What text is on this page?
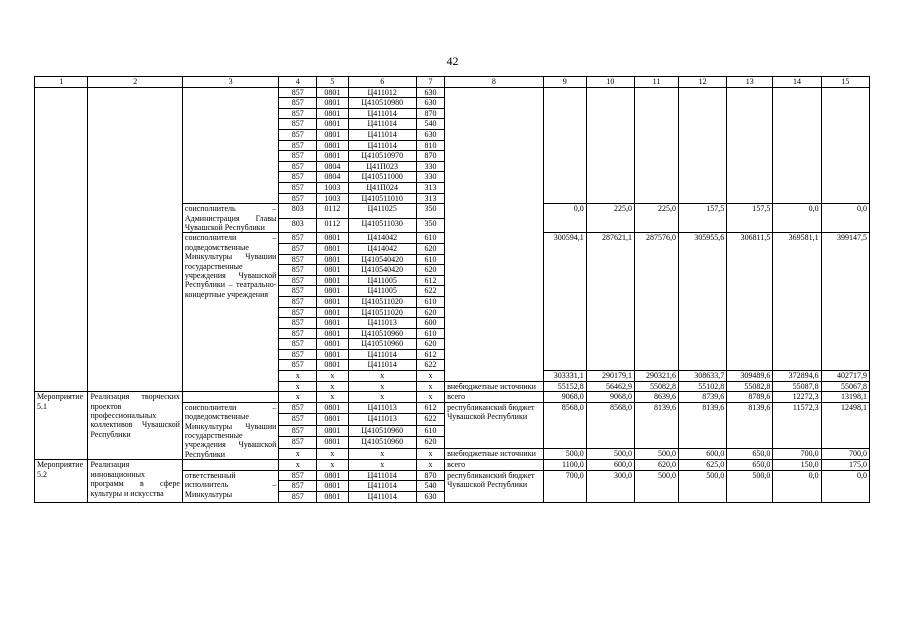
42
1	2	3	4	5	6	7	8	9	10	11	12	13	14	15
			857	0801	Ц411012	630								
			857	0801	Ц410510980	630								
			857	0801	Ц411014	870								
			857	0801	Ц411014	540								
			857	0801	Ц411014	630								
			857	0801	Ц411014	810								
			857	0801	Ц410510970	870								
			857	0804	Ц41П023	330								
			857	0804	Ц410511000	330								
			857	1003	Ц41П024	313								
			857	1003	Ц410511010	313								
		соисполнитель – Администрация Главы Чувашской Республики	803	0112	Ц411025	350		0,0	225,0	225,0	157,5	157,5	0,0	0,0
			803	0112	Ц410511030	350								
		соисполнители – подведомственные Минкультуры Чувашии государственные учреждения Чувашской Республики – театрально-концертные учреждения	857	0801	Ц414042	610		300594,1	287621,1	287576,0	305955,6	306811,5	369581,1	399147,5
			857	0801	Ц414042	620								
			857	0801	Ц410540420	610								
			857	0801	Ц410540420	620								
			857	0801	Ц411005	612								
			857	0801	Ц411005	622								
			857	0801	Ц410511020	610								
			857	0801	Ц410511020	620								
			857	0801	Ц411013	600								
			857	0801	Ц410510960	610								
			857	0801	Ц410510960	620								
			857	0801	Ц411014	612								
			857	0801	Ц411014	622								
			x	x	x	x		303331,1	290179,1	290321,6	308633,7	309489,6	372894,6	402717,9
			x	x	x	x	внебюджетные источники	55152,8	56462,9	55082,8	55102,8	55082,8	55087,8	55067,8
Мероприятие 5.1	Реализация творческих проектов профессиональных коллективов Чувашской Республики		x	x	x	x	всего	9068,0	9068,0	8639,6	8739,6	8789,6	12272,3	13198,1
		соисполнители – подведомственные Минкультуры Чувашии государственные учреждения Чувашской Республики	857	0801	Ц411013	612	республиканский бюджет Чувашской Республики	8568,0	8568,0	8139,6	8139,6	8139,6	11572,3	12498,1
			857	0801	Ц411013	622								
			857	0801	Ц410510960	610								
			857	0801	Ц410510960	620								
			x	x	x	x	внебюджетные источники	500,0	500,0	500,0	600,0	650,0	700,0	700,0
Мероприятие 5.2	Реализация инновационных программ в сфере культуры и искусства		x	x	x	x	всего	1100,0	600,0	620,0	625,0	650,0	150,0	175,0
		ответственный исполнитель – Минкультуры	857	0801	Ц411014	870	республиканский бюджет Чувашской Республики	700,0	300,0	500,0	500,0	500,0	0,0	0,0
			857	0801	Ц411014	540								
			857	0801	Ц411014	630								
